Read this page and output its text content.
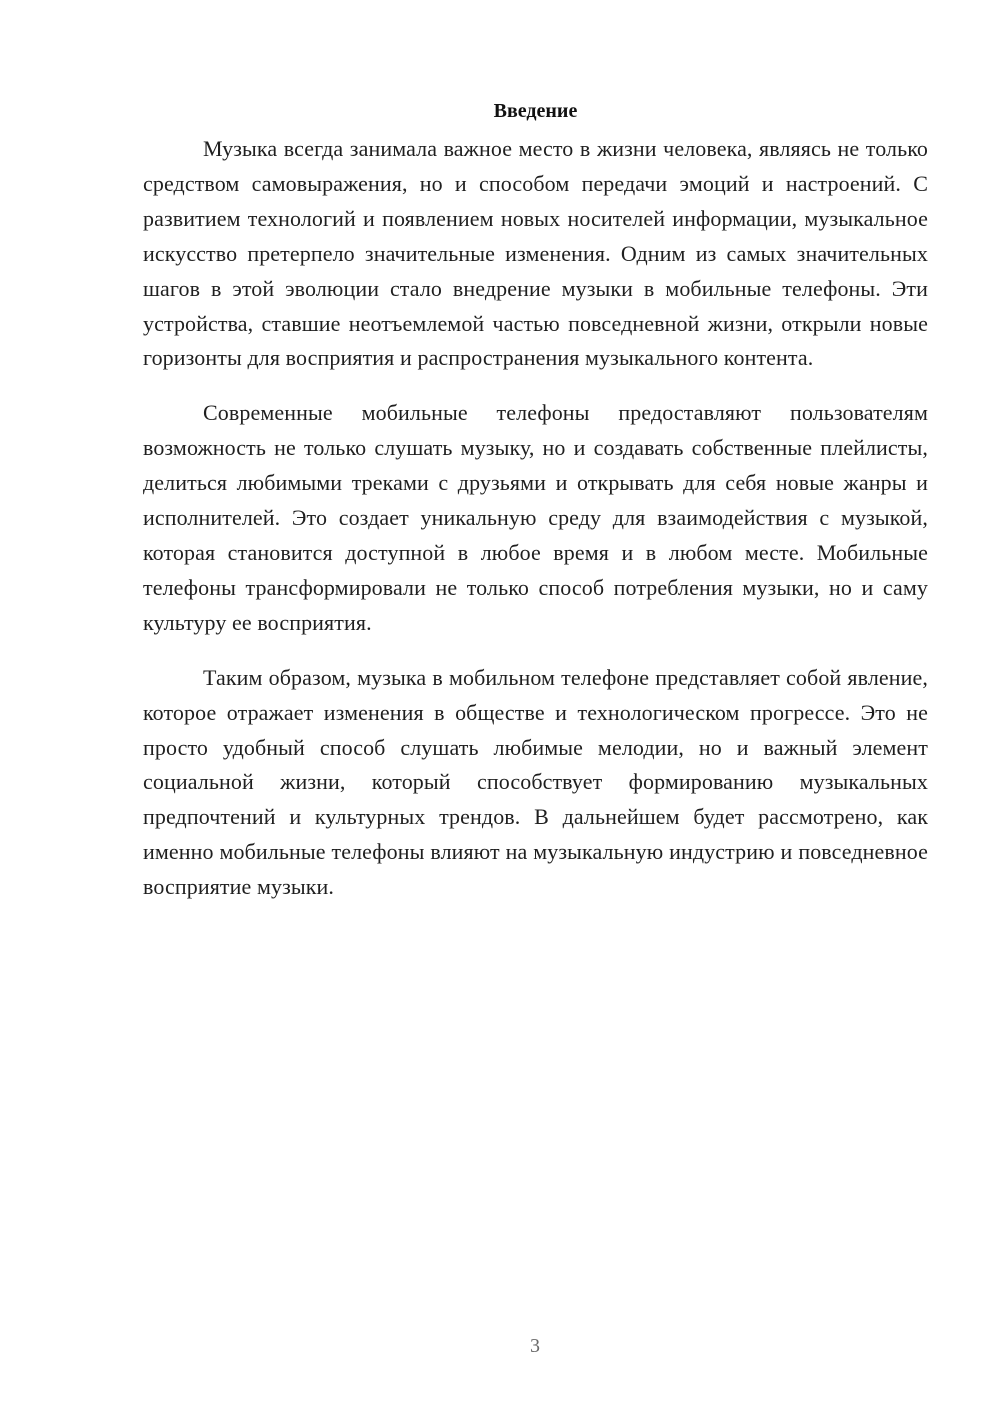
Введение

Музыка всегда занимала важное место в жизни человека, являясь не только средством самовыражения, но и способом передачи эмоций и настроений. С развитием технологий и появлением новых носителей информации, музыкальное искусство претерпело значительные изменения. Одним из самых значительных шагов в этой эволюции стало внедрение музыки в мобильные телефоны. Эти устройства, ставшие неотъемлемой частью повседневной жизни, открыли новые горизонты для восприятия и распространения музыкального контента.

Современные мобильные телефоны предоставляют пользователям возможность не только слушать музыку, но и создавать собственные плейлисты, делиться любимыми треками с друзьями и открывать для себя новые жанры и исполнителей. Это создает уникальную среду для взаимодействия с музыкой, которая становится доступной в любое время и в любом месте. Мобильные телефоны трансформировали не только способ потребления музыки, но и саму культуру ее восприятия.

Таким образом, музыка в мобильном телефоне представляет собой явление, которое отражает изменения в обществе и технологическом прогрессе. Это не просто удобный способ слушать любимые мелодии, но и важный элемент социальной жизни, который способствует формированию музыкальных предпочтений и культурных трендов. В дальнейшем будет рассмотрено, как именно мобильные телефоны влияют на музыкальную индустрию и повседневное восприятие музыки.

3
